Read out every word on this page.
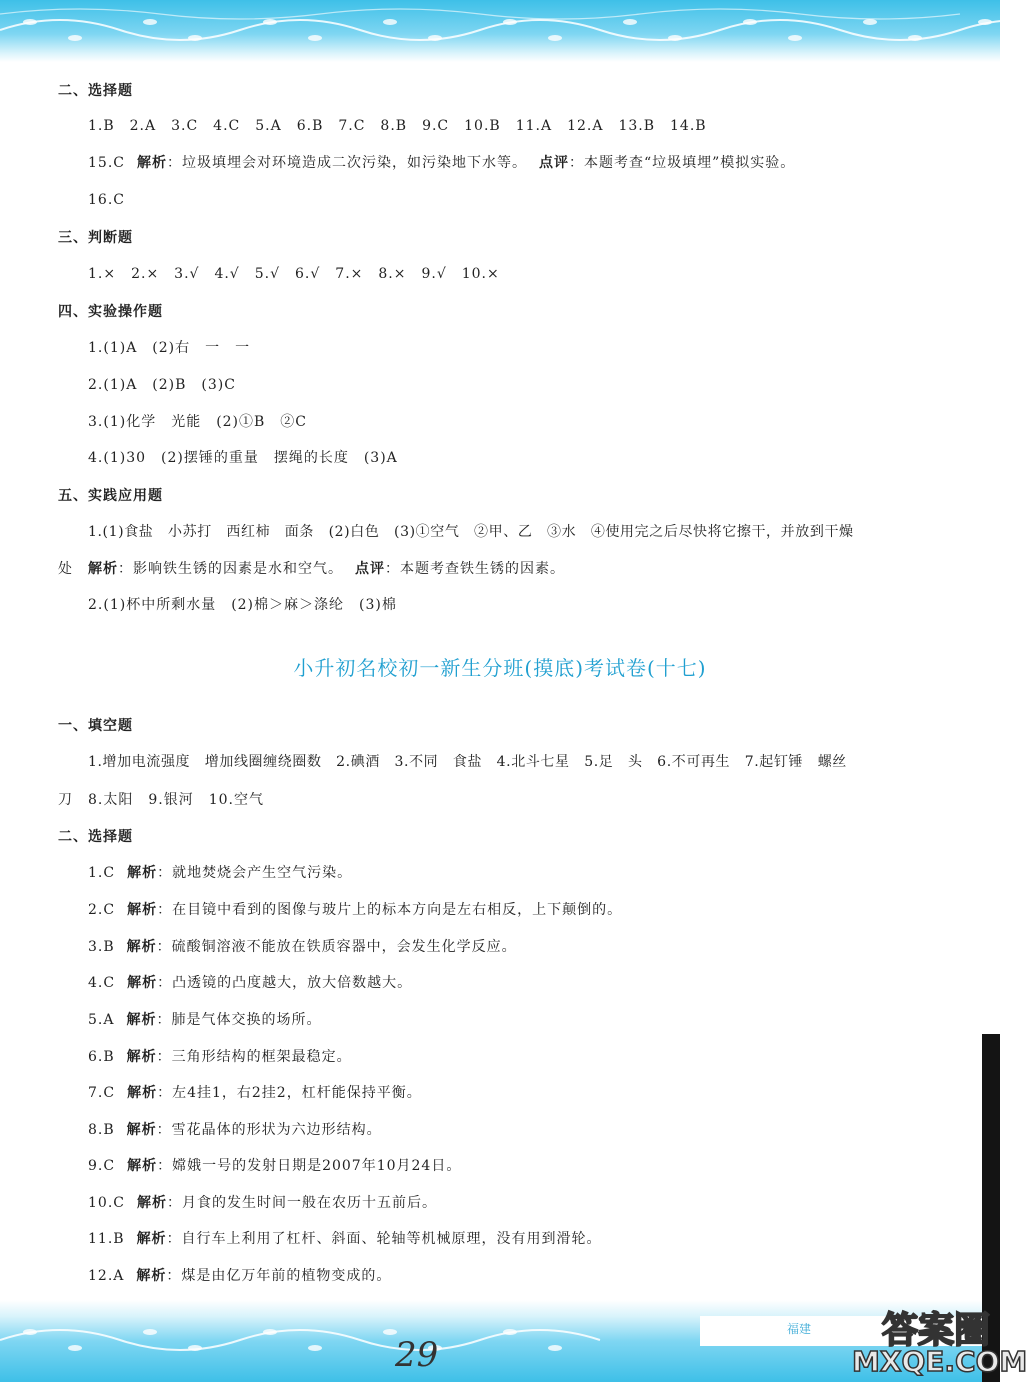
二、选择题
1.B　2.A　3.C　4.C　5.A　6.B　7.C　8.B　9.C　10.B　11.A　12.A　13.B　14.B
15.C 解析：垃圾填埋会对环境造成二次污染，如污染地下水等。 点评：本题考查“垃圾填埋”模拟实验。
16.C
三、判断题
1.×　2.×　3.√　4.√　5.√　6.√　7.×　8.×　9.√　10.×
四、实验操作题
1.(1)A　(2)右　一　一
2.(1)A　(2)B　(3)C
3.(1)化学　光能　(2)①B　②C
4.(1)30　(2)摆锤的重量　摆绳的长度　(3)A
五、实践应用题
1.(1)食盐　小苏打　西红柿　面条　(2)白色　(3)①空气　②甲、乙　③水　④使用完之后尽快将它擦干，并放到干燥
处　解析：影响铁生锈的因素是水和空气。 点评：本题考查铁生锈的因素。
2.(1)杯中所剩水量　(2)棉＞麻＞涤纶　(3)棉
小升初名校初一新生分班(摸底)考试卷(十七)
一、填空题
1.增加电流强度　增加线圈缠绕圈数　2.碘酒　3.不同　食盐　4.北斗七星　5.足　头　6.不可再生　7.起钉锤　螺丝
刀　8.太阳　9.银河　10.空气
二、选择题
1.C 解析：就地焚烧会产生空气污染。
2.C 解析：在目镜中看到的图像与玻片上的标本方向是左右相反，上下颠倒的。
3.B 解析：硫酸铜溶液不能放在铁质容器中，会发生化学反应。
4.C 解析：凸透镜的凸度越大，放大倍数越大。
5.A 解析：肺是气体交换的场所。
6.B 解析：三角形结构的框架最稳定。
7.C 解析：左4挂1，右2挂2，杠杆能保持平衡。
8.B 解析：雪花晶体的形状为六边形结构。
9.C 解析：嫦娥一号的发射日期是2007年10月24日。
10.C 解析：月食的发生时间一般在农历十五前后。
11.B 解析：自行车上利用了杠杆、斜面、轮轴等机械原理，没有用到滑轮。
12.A 解析：煤是由亿万年前的植物变成的。
29
福建 答案圈
MXQE.COM
